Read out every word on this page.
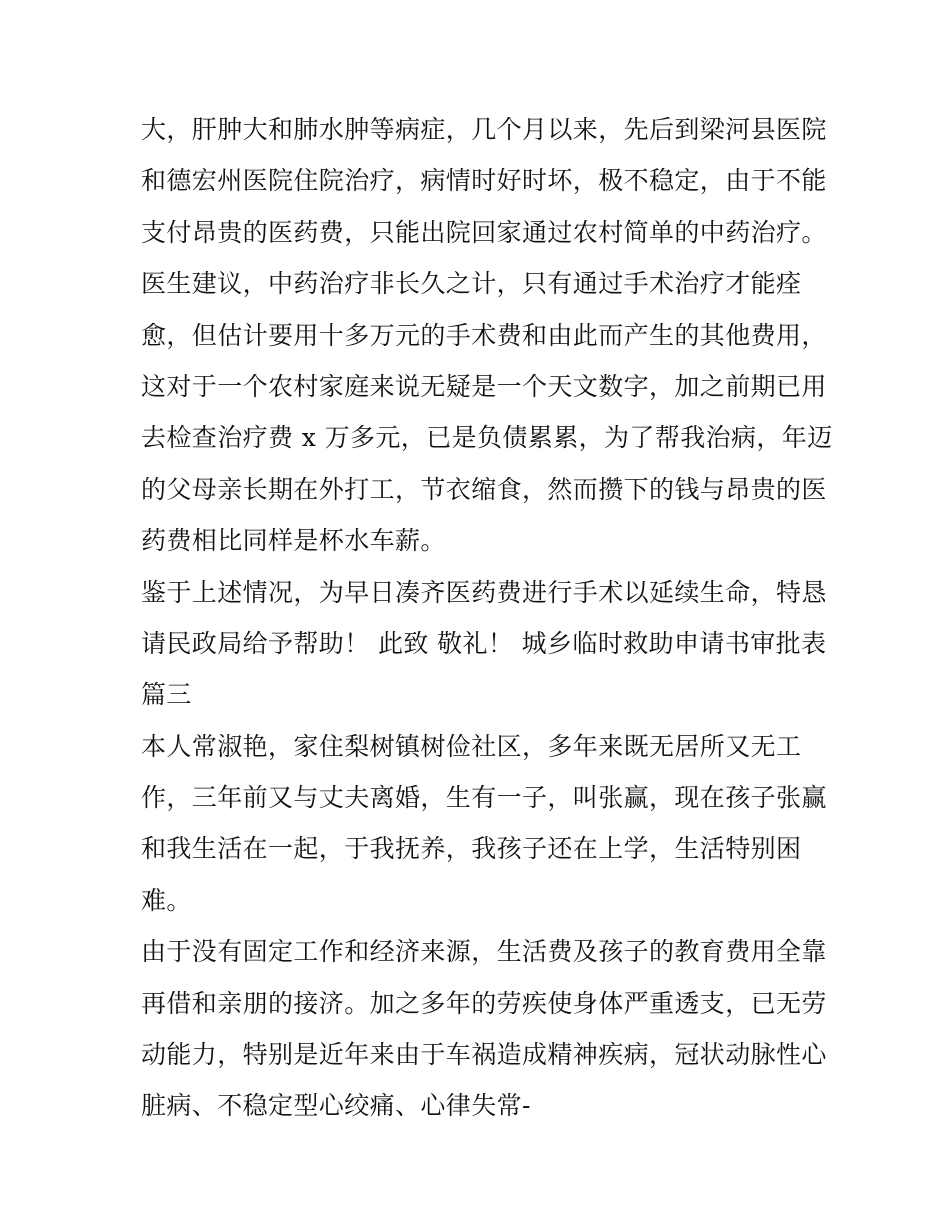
大，肝肿大和肺水肿等病症，几个月以来，先后到梁河县医院
和德宏州医院住院治疗，病情时好时坏，极不稳定，由于不能
支付昂贵的医药费，只能出院回家通过农村简单的中药治疗。
医生建议，中药治疗非长久之计，只有通过手术治疗才能痊
愈，但估计要用十多万元的手术费和由此而产生的其他费用，
这对于一个农村家庭来说无疑是一个天文数字，加之前期已用
去检查治疗费 x 万多元，已是负债累累，为了帮我治病，年迈
的父母亲长期在外打工，节衣缩食，然而攒下的钱与昂贵的医
药费相比同样是杯水车薪。
鉴于上述情况，为早日凑齐医药费进行手术以延续生命，特恳
请民政局给予帮助！ 此致 敬礼！ 城乡临时救助申请书审批表
篇三
本人常淑艳，家住梨树镇树俭社区，多年来既无居所又无工
作，三年前又与丈夫离婚，生有一子，叫张赢，现在孩子张赢
和我生活在一起，于我抚养，我孩子还在上学，生活特别困
难。
由于没有固定工作和经济来源，生活费及孩子的教育费用全靠
再借和亲朋的接济。加之多年的劳疾使身体严重透支，已无劳
动能力，特别是近年来由于车祸造成精神疾病，冠状动脉性心
脏病、不稳定型心绞痛、心律失常-
